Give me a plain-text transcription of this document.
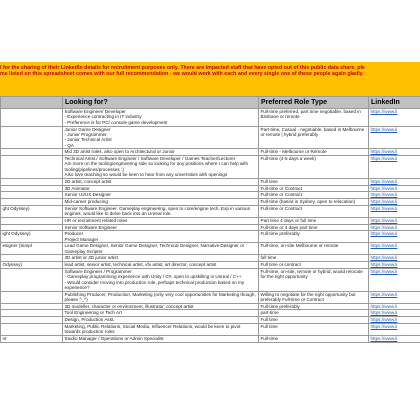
l for the sharing of their LinkedIn details for recruitment purposes only. There are impacted staff that have opted out of this public data share, ple
me listed on this spreadsheet comes with our full recommendation - we would work with each and every single one of these people again gladly.
	Looking for?	Preferred Role Type	LinkedIn
	Software Engineer/ Developer
- Experience contracting in IT industry
- Preference is for PC/ console game development	Full-time preferred, part time negotiable, based in Brisbane or remote	https://www.li
	Junior Game Designer
- Junior Programmer
- Junior Technical Artist
- QA	Part-time, Casual - negotiable, based in Melbourne or remote | hybrid preferably	https://www.li
	Mid 3D artist roles, also open to Architectural or Junior	Full-time - Melbourne or Remote	https://www.li
	Technical Artist / Software Engineer / Software Developer / Games Teacher/Lecturer
Am more on the tooling/engineering side so looking for any positions where I can help with tooling/pipelines/processes :)
Also love teaching so would be keen to hear from any universities with openings	Full-time (4-5 days a week)	https://www.li
	2D artist, concept artist	Full time	https://www.li
	3D Animator	Full-time or Contract	https://www.li
	Senior UI/UX Designer	Full-time or Contract	https://www.li
	Mid-career producing	Full-time (based in Sydney, open to relocation)	https://www.li
ght Odyssey)	Senior Software Engineer. Gameplay engineering, open to core/engine tech. Exp in various engines, would like to delve back into an Unreal role.	Full-time or Contract	https://www.li
	HR or recruitment related roles	Part time 4 days or full time	https://www.li
	Senior Software Engineer	Full-time or 4 days part time	https://www.li
ight Odyssey)	Producer
Project Manager	Full-time preferably	https://www.li
esigner (Simpl	Lead Game Designer, Senior Game Designer, Technical Designer, Narrative Designer or Gameplay Scripter	Full-time, on-site Melbourne or remote	https://www.li
	3D artist or 3D junior artist	full time	https://www.li
Odyssey)	lead artist, senior artist, technical artist, vfx artist, art director, concept artist	Full time or contract	https://www.li
	Software Engineer / Programmer
- Gameplay programming experience with Unity / C#, open to upskilling in Unreal / C++
- Would consider moving into production role, perhaps technical production based on my experience?	Full-time, on-site, remote or hybrid; would relocate for the right opportunity	https://www.li
	Publishing Producer, Production, Marketing (only very cool opportunities for Marketing though, please ^_^)	Willing to negotiate for the right opportunity but preferably Full-time or Contract	https://www.li
	3D modeller, character or environment, illustrator, concept artist	Full-time preferably	https://www.li
	Tool Engineering or Tech Art	part-time	https://www.li
	Design, Production Asst.	Full time	https://www.li
	Marketing, Public Relations, Social Media, Influencer Relations, would be keen to pivot towards production roles	Full time	https://www.li
nt	Studio Manager / Operations or Admin Specialist	Full-time	https://www.li
